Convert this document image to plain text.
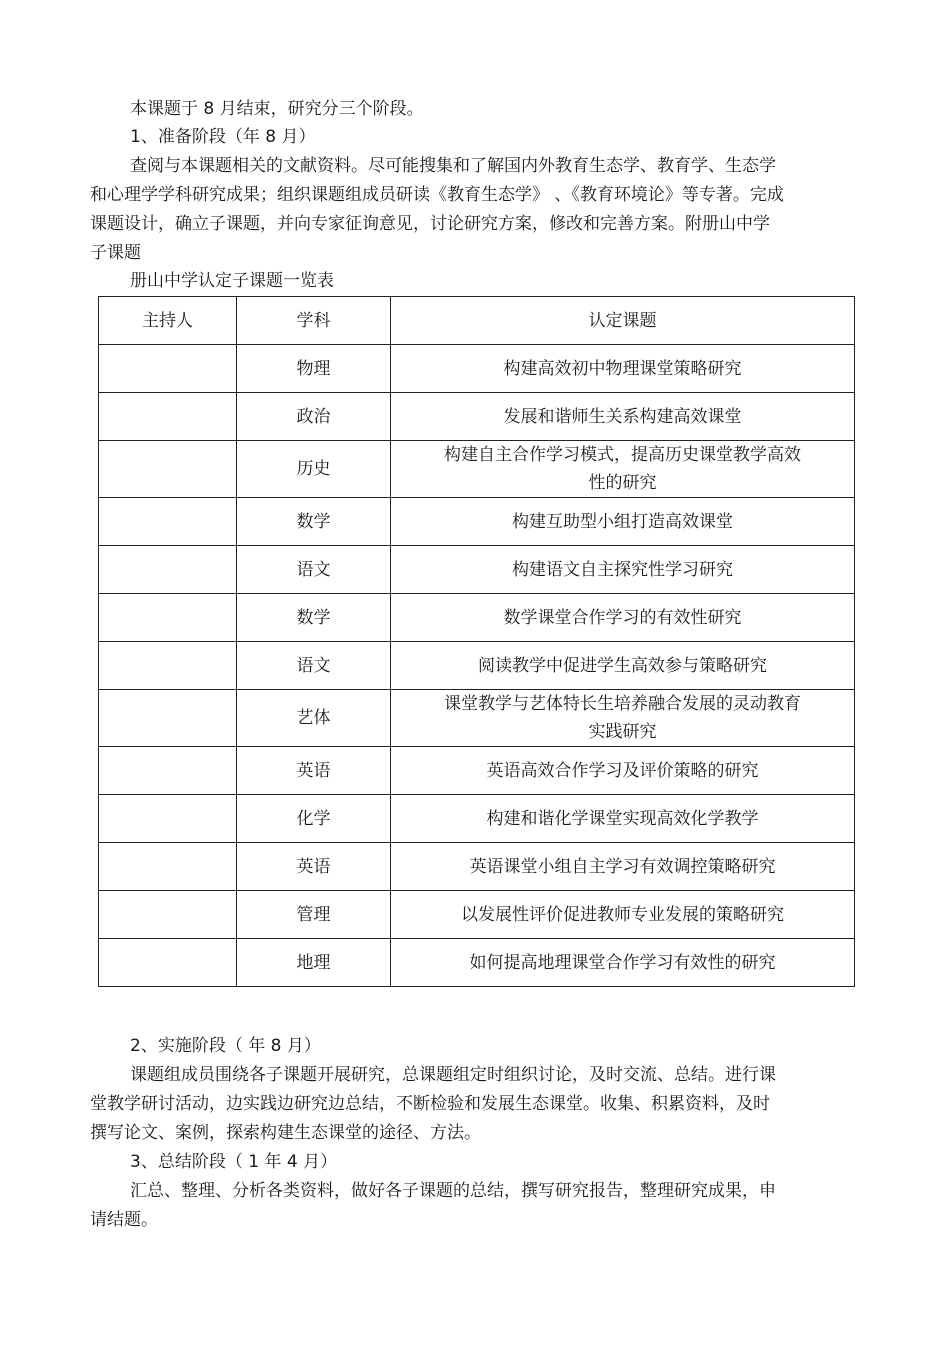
本课题于 8 月结束，研究分三个阶段。
1、准备阶段（年 8 月）
查阅与本课题相关的文献资料。尽可能搜集和了解国内外教育生态学、教育学、生态学
和心理学学科研究成果；组织课题组成员研读《教育生态学》 、《教育环境论》等专著。完成
课题设计，确立子课题，并向专家征询意见，讨论研究方案，修改和完善方案。附册山中学
子课题
册山中学认定子课题一览表
主持人	学科	认定课题
	物理	构建高效初中物理课堂策略研究
	政治	发展和谐师生关系构建高效课堂
	历史	构建自主合作学习模式，提高历史课堂教学高效
性的研究
	数学	构建互助型小组打造高效课堂
	语文	构建语文自主探究性学习研究
	数学	数学课堂合作学习的有效性研究
	语文	阅读教学中促进学生高效参与策略研究
	艺体	课堂教学与艺体特长生培养融合发展的灵动教育
实践研究
	英语	英语高效合作学习及评价策略的研究
	化学	构建和谐化学课堂实现高效化学教学
	英语	英语课堂小组自主学习有效调控策略研究
	管理	以发展性评价促进教师专业发展的策略研究
	地理	如何提高地理课堂合作学习有效性的研究
2、实施阶段（ 年 8 月）
课题组成员围绕各子课题开展研究，总课题组定时组织讨论，及时交流、总结。进行课
堂教学研讨活动，边实践边研究边总结，不断检验和发展生态课堂。收集、积累资料，及时
撰写论文、案例，探索构建生态课堂的途径、方法。
3、总结阶段（ 1 年 4 月）
汇总、整理、分析各类资料，做好各子课题的总结，撰写研究报告，整理研究成果，申
请结题。
